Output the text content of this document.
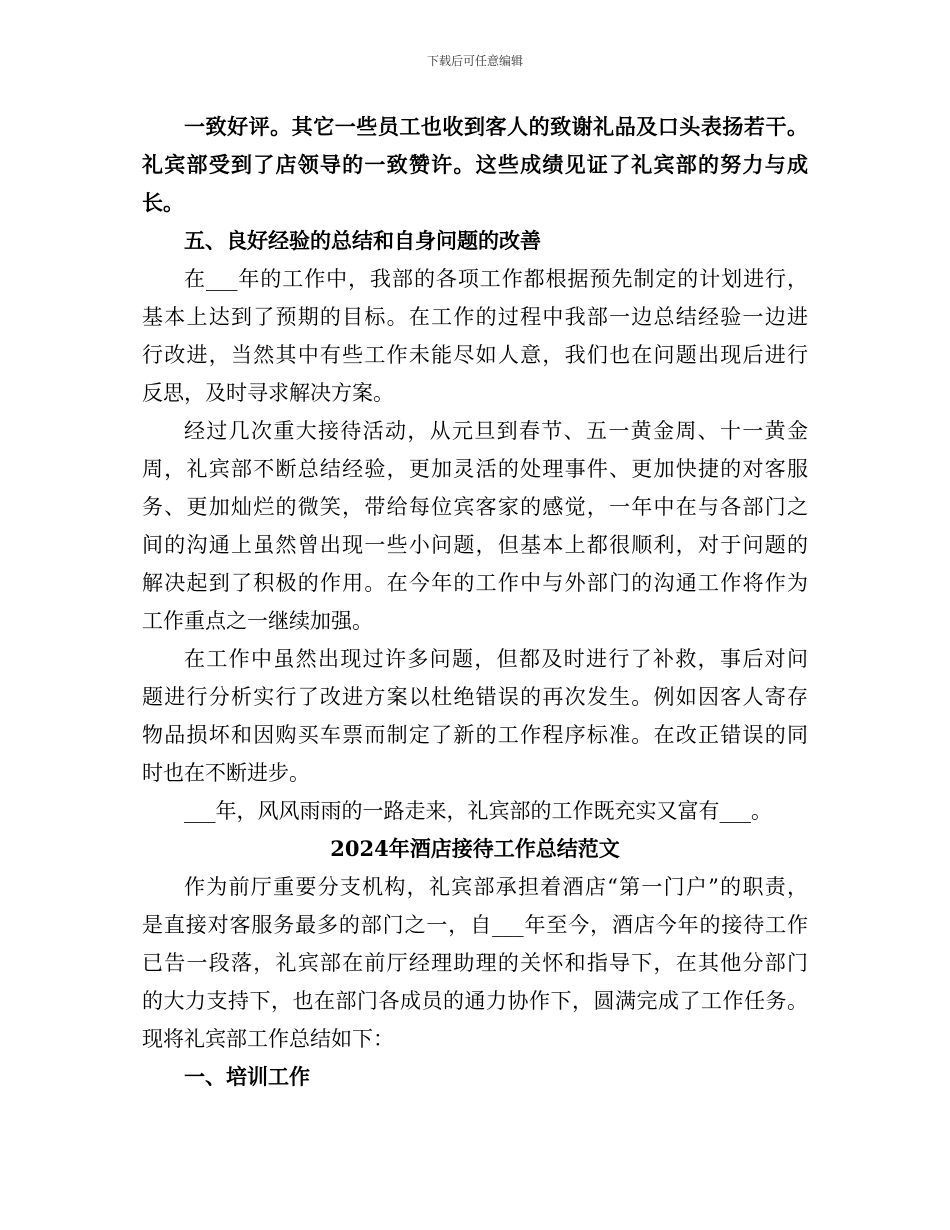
下载后可任意编辑
一致好评。其它一些员工也收到客人的致谢礼品及口头表扬若干。
礼宾部受到了店领导的一致赞许。这些成绩见证了礼宾部的努力与成
长。
五、良好经验的总结和自身问题的改善
在___年的工作中，我部的各项工作都根据预先制定的计划进行，
基本上达到了预期的目标。在工作的过程中我部一边总结经验一边进
行改进，当然其中有些工作未能尽如人意，我们也在问题出现后进行
反思，及时寻求解决方案。
经过几次重大接待活动，从元旦到春节、五一黄金周、十一黄金
周，礼宾部不断总结经验，更加灵活的处理事件、更加快捷的对客服
务、更加灿烂的微笑，带给每位宾客家的感觉，一年中在与各部门之
间的沟通上虽然曾出现一些小问题，但基本上都很顺利，对于问题的
解决起到了积极的作用。在今年的工作中与外部门的沟通工作将作为
工作重点之一继续加强。
在工作中虽然出现过许多问题，但都及时进行了补救，事后对问
题进行分析实行了改进方案以杜绝错误的再次发生。例如因客人寄存
物品损坏和因购买车票而制定了新的工作程序标准。在改正错误的同
时也在不断进步。
___年，风风雨雨的一路走来，礼宾部的工作既充实又富有___。
2024年酒店接待工作总结范文
作为前厅重要分支机构，礼宾部承担着酒店“第一门户”的职责，
是直接对客服务最多的部门之一，自___年至今，酒店今年的接待工作
已告一段落，礼宾部在前厅经理助理的关怀和指导下，在其他分部门
的大力支持下，也在部门各成员的通力协作下，圆满完成了工作任务。
现将礼宾部工作总结如下：
一、培训工作
